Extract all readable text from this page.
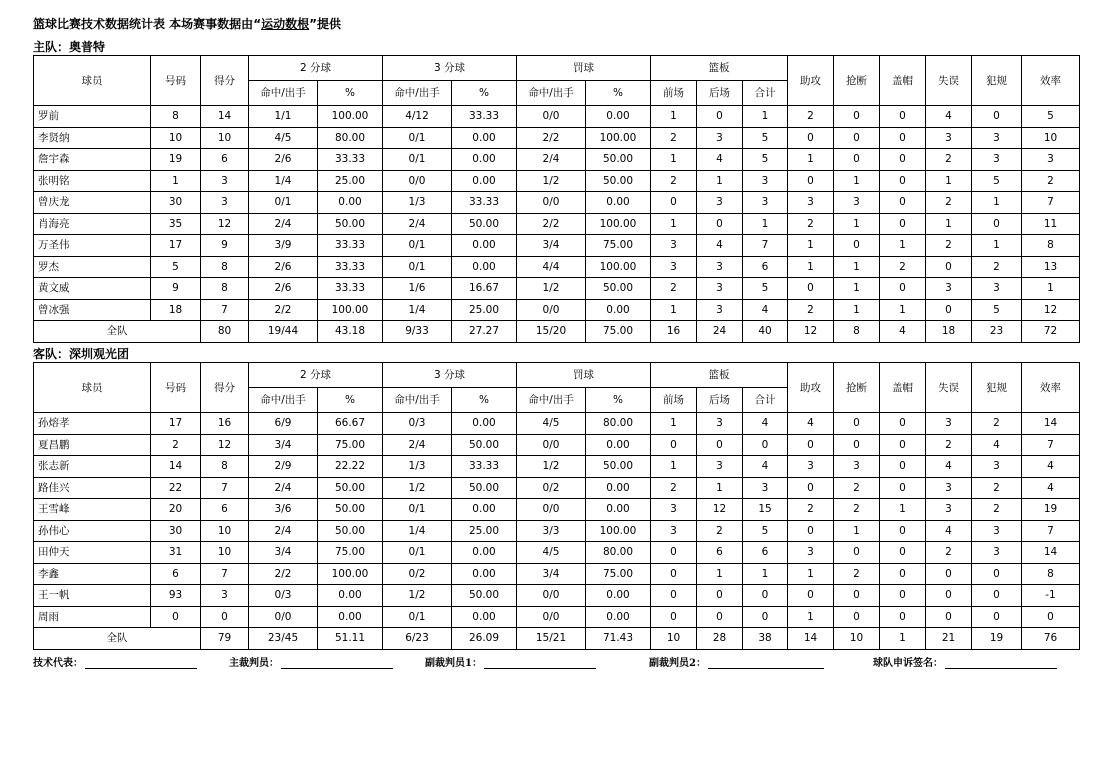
篮球比赛技术数据统计表 本场赛事数据由“运动数根”提供
主队：奥普特
球员	号码	得分	2 分球		3 分球		罚球		篮板			助攻	抢断	盖帽	失误	犯规	效率
			命中/出手	%	命中/出手	%	命中/出手	%	前场	后场	合计						
罗前	8	14	1/1	100.00	4/12	33.33	0/0	0.00	1	0	1	2	0	0	4	0	5
李贤纳	10	10	4/5	80.00	0/1	0.00	2/2	100.00	2	3	5	0	0	0	3	3	10
詹宇森	19	6	2/6	33.33	0/1	0.00	2/4	50.00	1	4	5	1	0	0	2	3	3
张明铭	1	3	1/4	25.00	0/0	0.00	1/2	50.00	2	1	3	0	1	0	1	5	2
曾庆龙	30	3	0/1	0.00	1/3	33.33	0/0	0.00	0	3	3	3	3	0	2	1	7
肖海亮	35	12	2/4	50.00	2/4	50.00	2/2	100.00	1	0	1	2	1	0	1	0	11
万圣伟	17	9	3/9	33.33	0/1	0.00	3/4	75.00	3	4	7	1	0	1	2	1	8
罗杰	5	8	2/6	33.33	0/1	0.00	4/4	100.00	3	3	6	1	1	2	0	2	13
黄文威	9	8	2/6	33.33	1/6	16.67	1/2	50.00	2	3	5	0	1	0	3	3	1
曾冰强	18	7	2/2	100.00	1/4	25.00	0/0	0.00	1	3	4	2	1	1	0	5	12
全队		80	19/44	43.18	9/33	27.27	15/20	75.00	16	24	40	12	8	4	18	23	72
客队：深圳观光团
球员	号码	得分	2 分球		3 分球		罚球		篮板			助攻	抢断	盖帽	失误	犯规	效率
			命中/出手	%	命中/出手	%	命中/出手	%	前场	后场	合计						
孙熔孝	17	16	6/9	66.67	0/3	0.00	4/5	80.00	1	3	4	4	0	0	3	2	14
夏昌鹏	2	12	3/4	75.00	2/4	50.00	0/0	0.00	0	0	0	0	0	0	2	4	7
张志新	14	8	2/9	22.22	1/3	33.33	1/2	50.00	1	3	4	3	3	0	4	3	4
路佳兴	22	7	2/4	50.00	1/2	50.00	0/2	0.00	2	1	3	0	2	0	3	2	4
王雪峰	20	6	3/6	50.00	0/1	0.00	0/0	0.00	3	12	15	2	2	1	3	2	19
孙伟心	30	10	2/4	50.00	1/4	25.00	3/3	100.00	3	2	5	0	1	0	4	3	7
田仲天	31	10	3/4	75.00	0/1	0.00	4/5	80.00	0	6	6	3	0	0	2	3	14
李鑫	6	7	2/2	100.00	0/2	0.00	3/4	75.00	0	1	1	1	2	0	0	0	8
王一帆	93	3	0/3	0.00	1/2	50.00	0/0	0.00	0	0	0	0	0	0	0	0	-1
周雨	0	0	0/0	0.00	0/1	0.00	0/0	0.00	0	0	0	1	0	0	0	0	0
全队		79	23/45	51.11	6/23	26.09	15/21	71.43	10	28	38	14	10	1	21	19	76
技术代表：	主裁判员：	副裁判员1：	副裁判员2：	球队申诉签名：
